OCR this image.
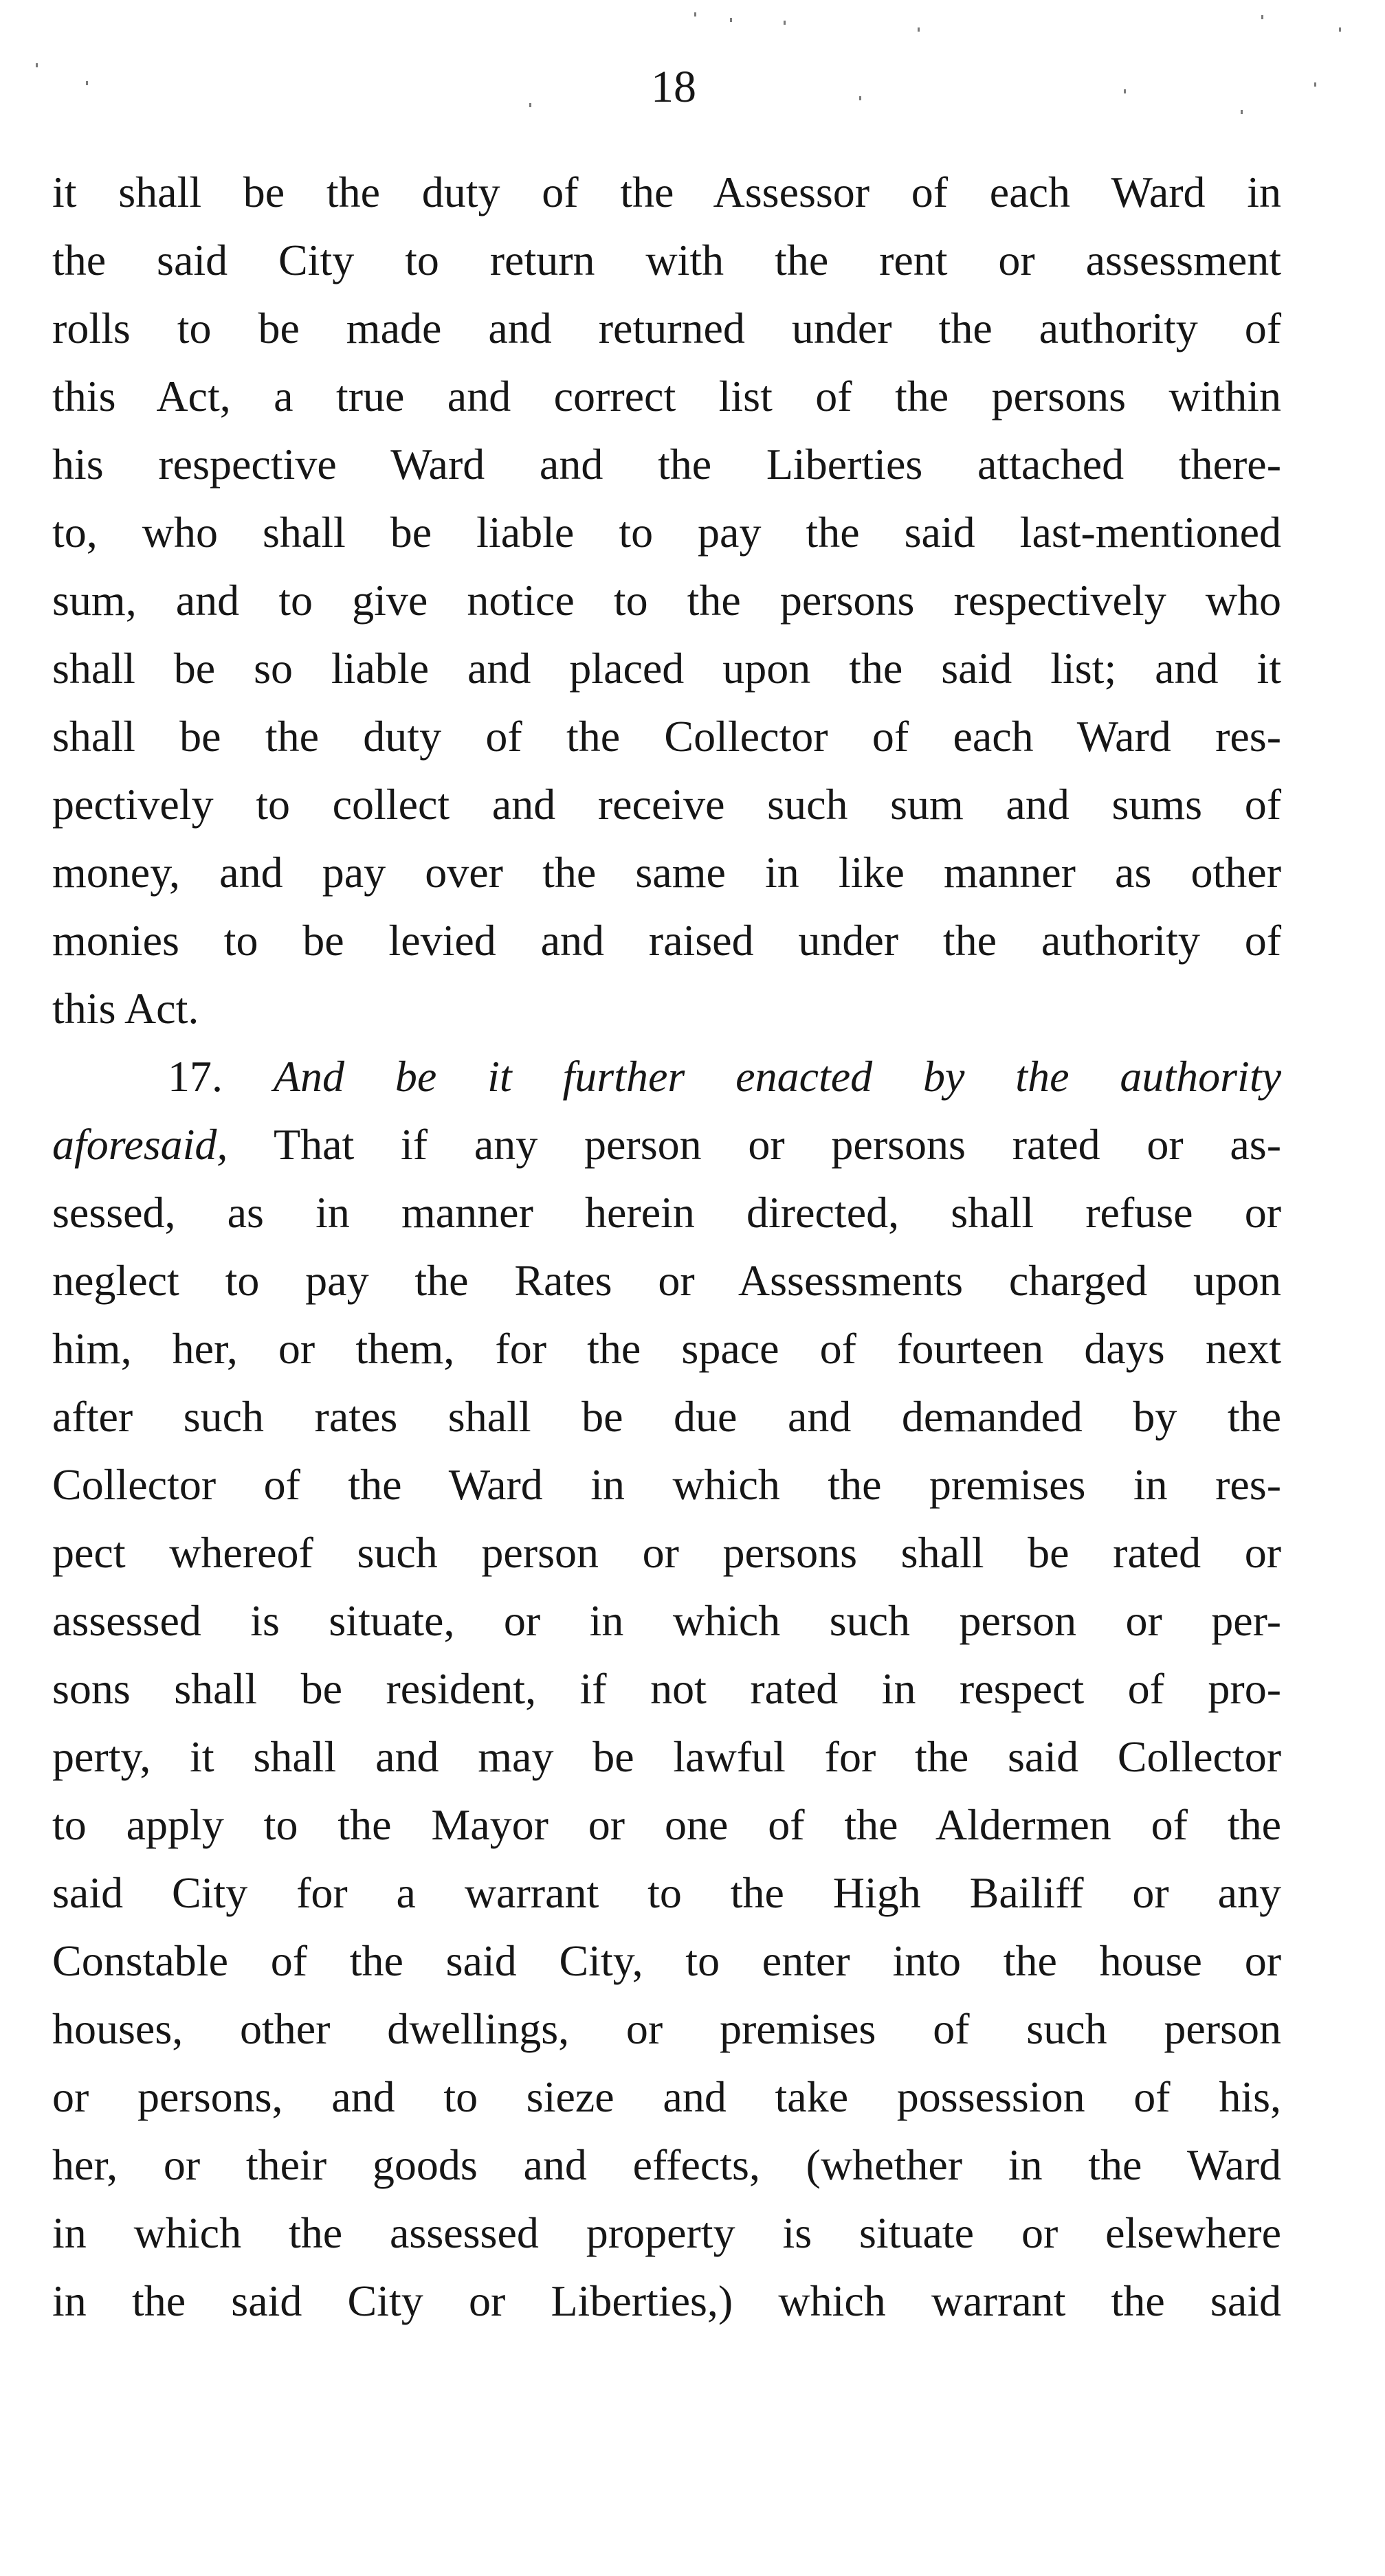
18
it shall be the duty of the Assessor of each Ward in
the said City to return with the rent or assessment
rolls to be made and returned under the authority of
this Act, a true and correct list of the persons within
his respective Ward and the Liberties attached there-
to, who shall be liable to pay the said last-mentioned
sum, and to give notice to the persons respectively who
shall be so liable and placed upon the said list; and it
shall be the duty of the Collector of each Ward res-
pectively to collect and receive such sum and sums of
money, and pay over the same in like manner as other
monies to be levied and raised under the authority of
this Act.
17. And be it further enacted by the authority
aforesaid, That if any person or persons rated or as-
sessed, as in manner herein directed, shall refuse or
neglect to pay the Rates or Assessments charged upon
him, her, or them, for the space of fourteen days next
after such rates shall be due and demanded by the
Collector of the Ward in which the premises in res-
pect whereof such person or persons shall be rated or
assessed is situate, or in which such person or per-
sons shall be resident, if not rated in respect of pro-
perty, it shall and may be lawful for the said Collector
to apply to the Mayor or one of the Aldermen of the
said City for a warrant to the High Bailiff or any
Constable of the said City, to enter into the house or
houses, other dwellings, or premises of such person
or persons, and to sieze and take possession of his,
her, or their goods and effects, (whether in the Ward
in which the assessed property is situate or elsewhere
in the said City or Liberties,) which warrant the said
